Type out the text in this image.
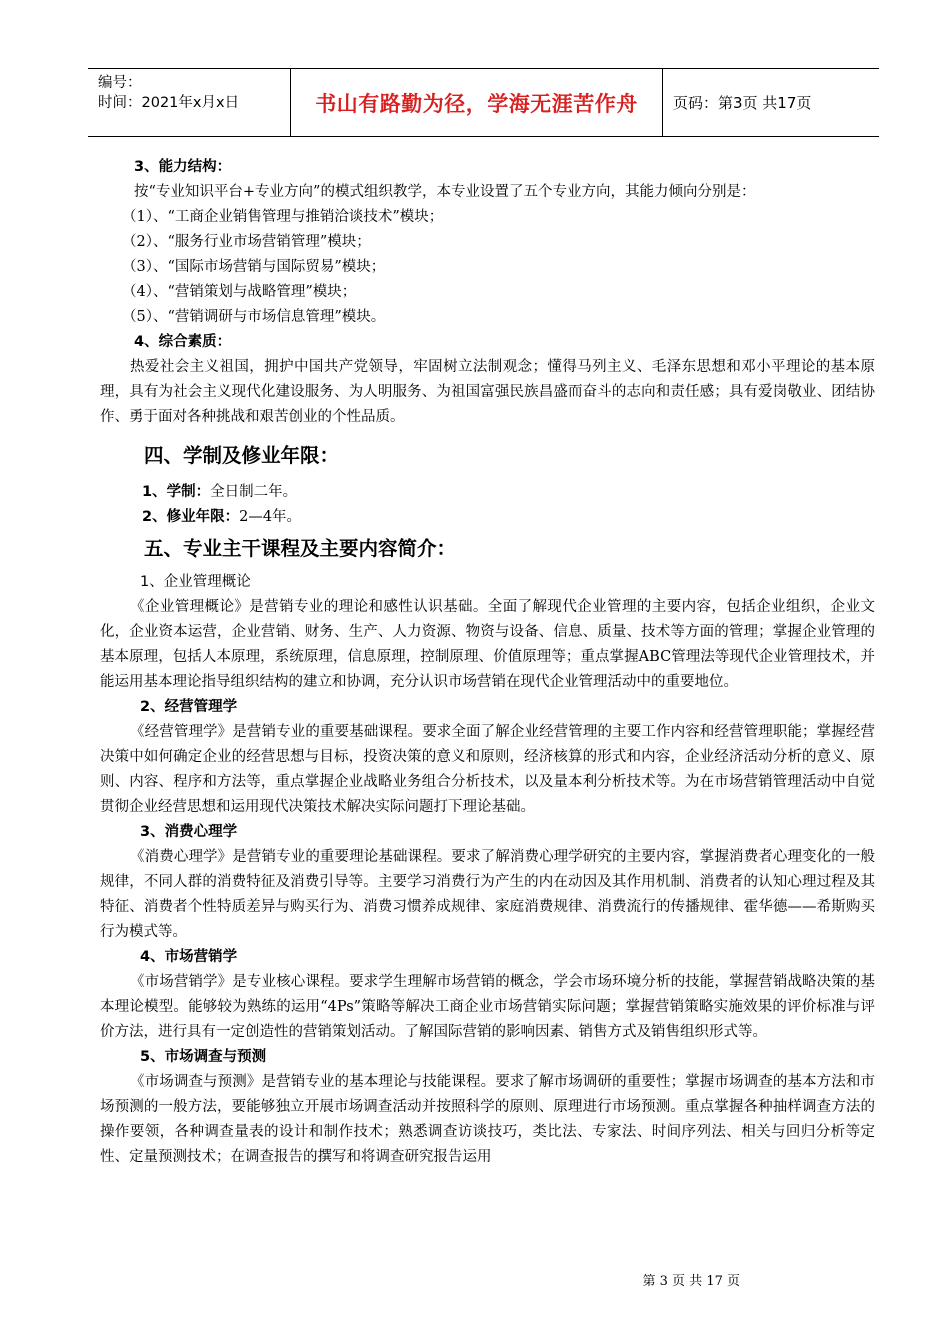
编号：
时间：2021年x月x日	书山有路勤为径，学海无涯苦作舟	页码：第3页 共17页
3、能力结构：
按“专业知识平台+专业方向”的模式组织教学，本专业设置了五个专业方向，其能力倾向分别是：
（1）、“工商企业销售管理与推销洽谈技术”模块；
（2）、“服务行业市场营销管理”模块；
（3）、“国际市场营销与国际贸易”模块；
（4）、“营销策划与战略管理”模块；
（5）、“营销调研与市场信息管理”模块。
4、综合素质：
热爱社会主义祖国，拥护中国共产党领导，牢固树立法制观念；懂得马列主义、毛泽东思想和邓小平理论的基本原理，具有为社会主义现代化建设服务、为人明服务、为祖国富强民族昌盛而奋斗的志向和责任感；具有爱岗敬业、团结协作、勇于面对各种挑战和艰苦创业的个性品质。
四、学制及修业年限：
1、学制：全日制二年。
2、修业年限：2—4年。
五、专业主干课程及主要内容简介：
1、企业管理概论
《企业管理概论》是营销专业的理论和感性认识基础。全面了解现代企业管理的主要内容，包括企业组织，企业文化，企业资本运营，企业营销、财务、生产、人力资源、物资与设备、信息、质量、技术等方面的管理；掌握企业管理的基本原理，包括人本原理，系统原理，信息原理，控制原理、价值原理等；重点掌握ABC管理法等现代企业管理技术，并能运用基本理论指导组织结构的建立和协调，充分认识市场营销在现代企业管理活动中的重要地位。
2、经营管理学
《经营管理学》是营销专业的重要基础课程。要求全面了解企业经营管理的主要工作内容和经营管理职能；掌握经营决策中如何确定企业的经营思想与目标，投资决策的意义和原则，经济核算的形式和内容，企业经济活动分析的意义、原则、内容、程序和方法等，重点掌握企业战略业务组合分析技术，以及量本利分析技术等。为在市场营销管理活动中自觉贯彻企业经营思想和运用现代决策技术解决实际问题打下理论基础。
3、消费心理学
《消费心理学》是营销专业的重要理论基础课程。要求了解消费心理学研究的主要内容，掌握消费者心理变化的一般规律，不同人群的消费特征及消费引导等。主要学习消费行为产生的内在动因及其作用机制、消费者的认知心理过程及其特征、消费者个性特质差异与购买行为、消费习惯养成规律、家庭消费规律、消费流行的传播规律、霍华德——希斯购买行为模式等。
4、市场营销学
《市场营销学》是专业核心课程。要求学生理解市场营销的概念，学会市场环境分析的技能，掌握营销战略决策的基本理论模型。能够较为熟练的运用“4Ps”策略等解决工商企业市场营销实际问题；掌握营销策略实施效果的评价标准与评价方法，进行具有一定创造性的营销策划活动。了解国际营销的影响因素、销售方式及销售组织形式等。
5、市场调查与预测
《市场调查与预测》是营销专业的基本理论与技能课程。要求了解市场调研的重要性；掌握市场调查的基本方法和市场预测的一般方法，要能够独立开展市场调查活动并按照科学的原则、原理进行市场预测。重点掌握各种抽样调查方法的操作要领，各种调查量表的设计和制作技术；熟悉调查访谈技巧，类比法、专家法、时间序列法、相关与回归分析等定性、定量预测技术；在调查报告的撰写和将调查研究报告运用
第 3 页 共 17 页
